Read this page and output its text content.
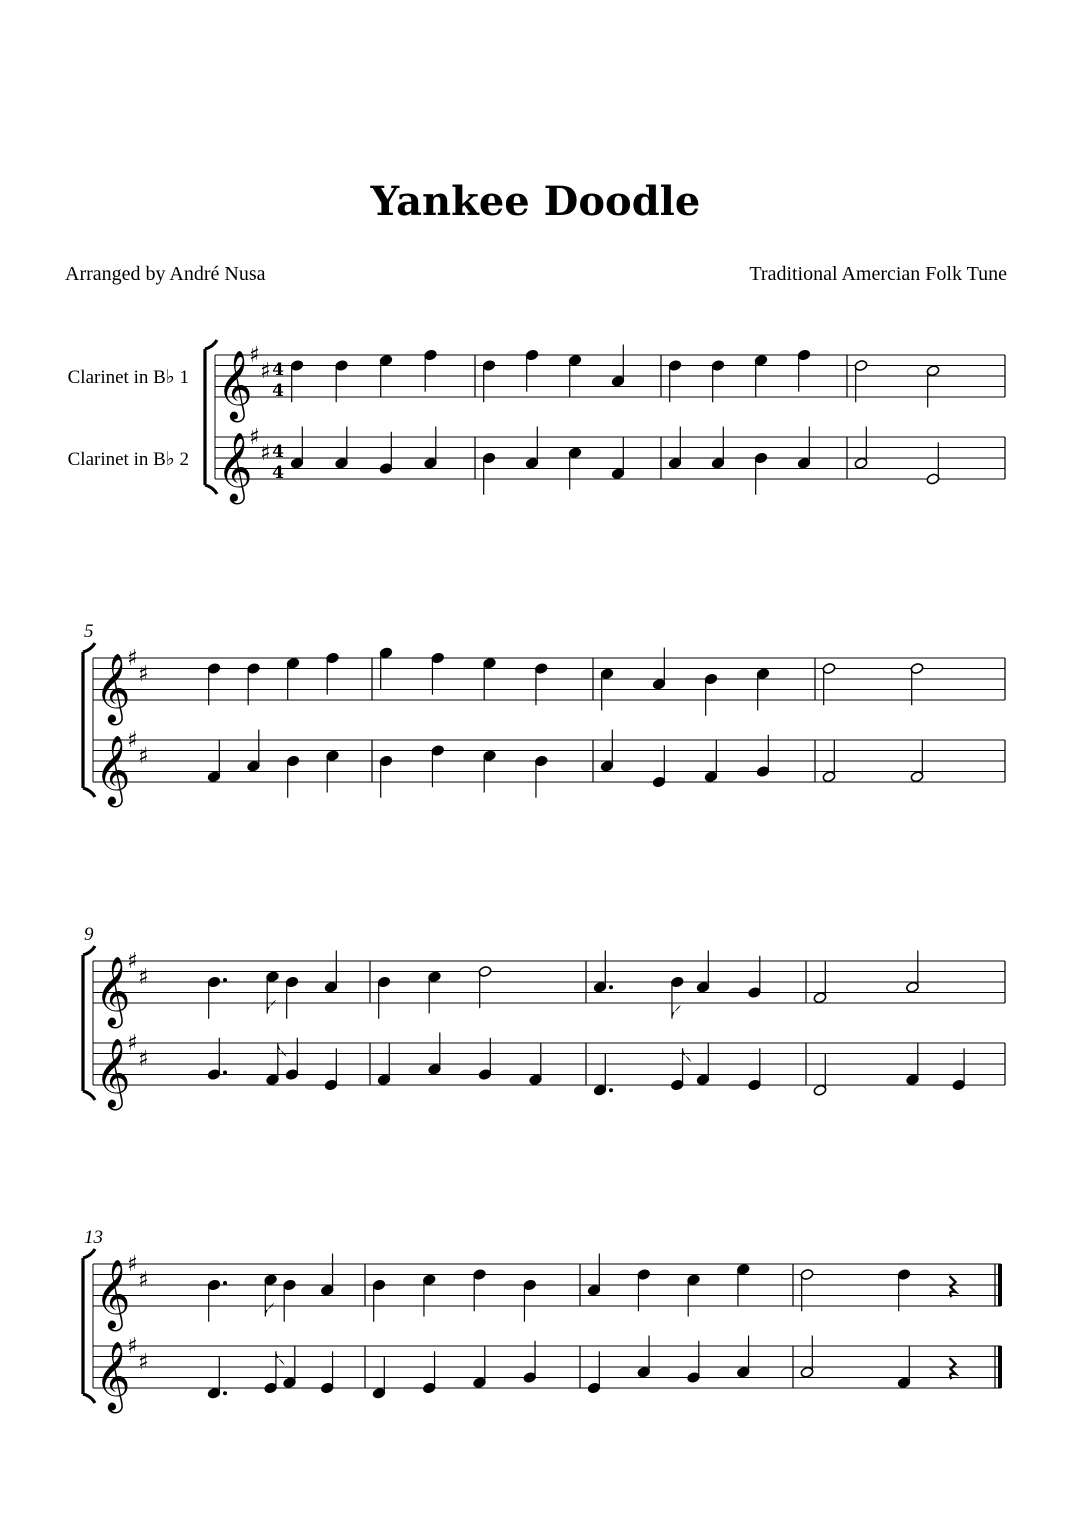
Yankee Doodle
Arranged by André Nusa	Traditional Amercian Folk Tune
𝄞
♯
♯ 4
4
𝄞
♯
♯ 4
4
Clarinet in B♭ 1
Clarinet in B♭ 2
𝄞
♯
♯
𝄞
♯
♯
5
𝄞
♯
♯
𝄞
♯
♯
9
𝄞
♯
♯
𝄞
♯
♯
13
